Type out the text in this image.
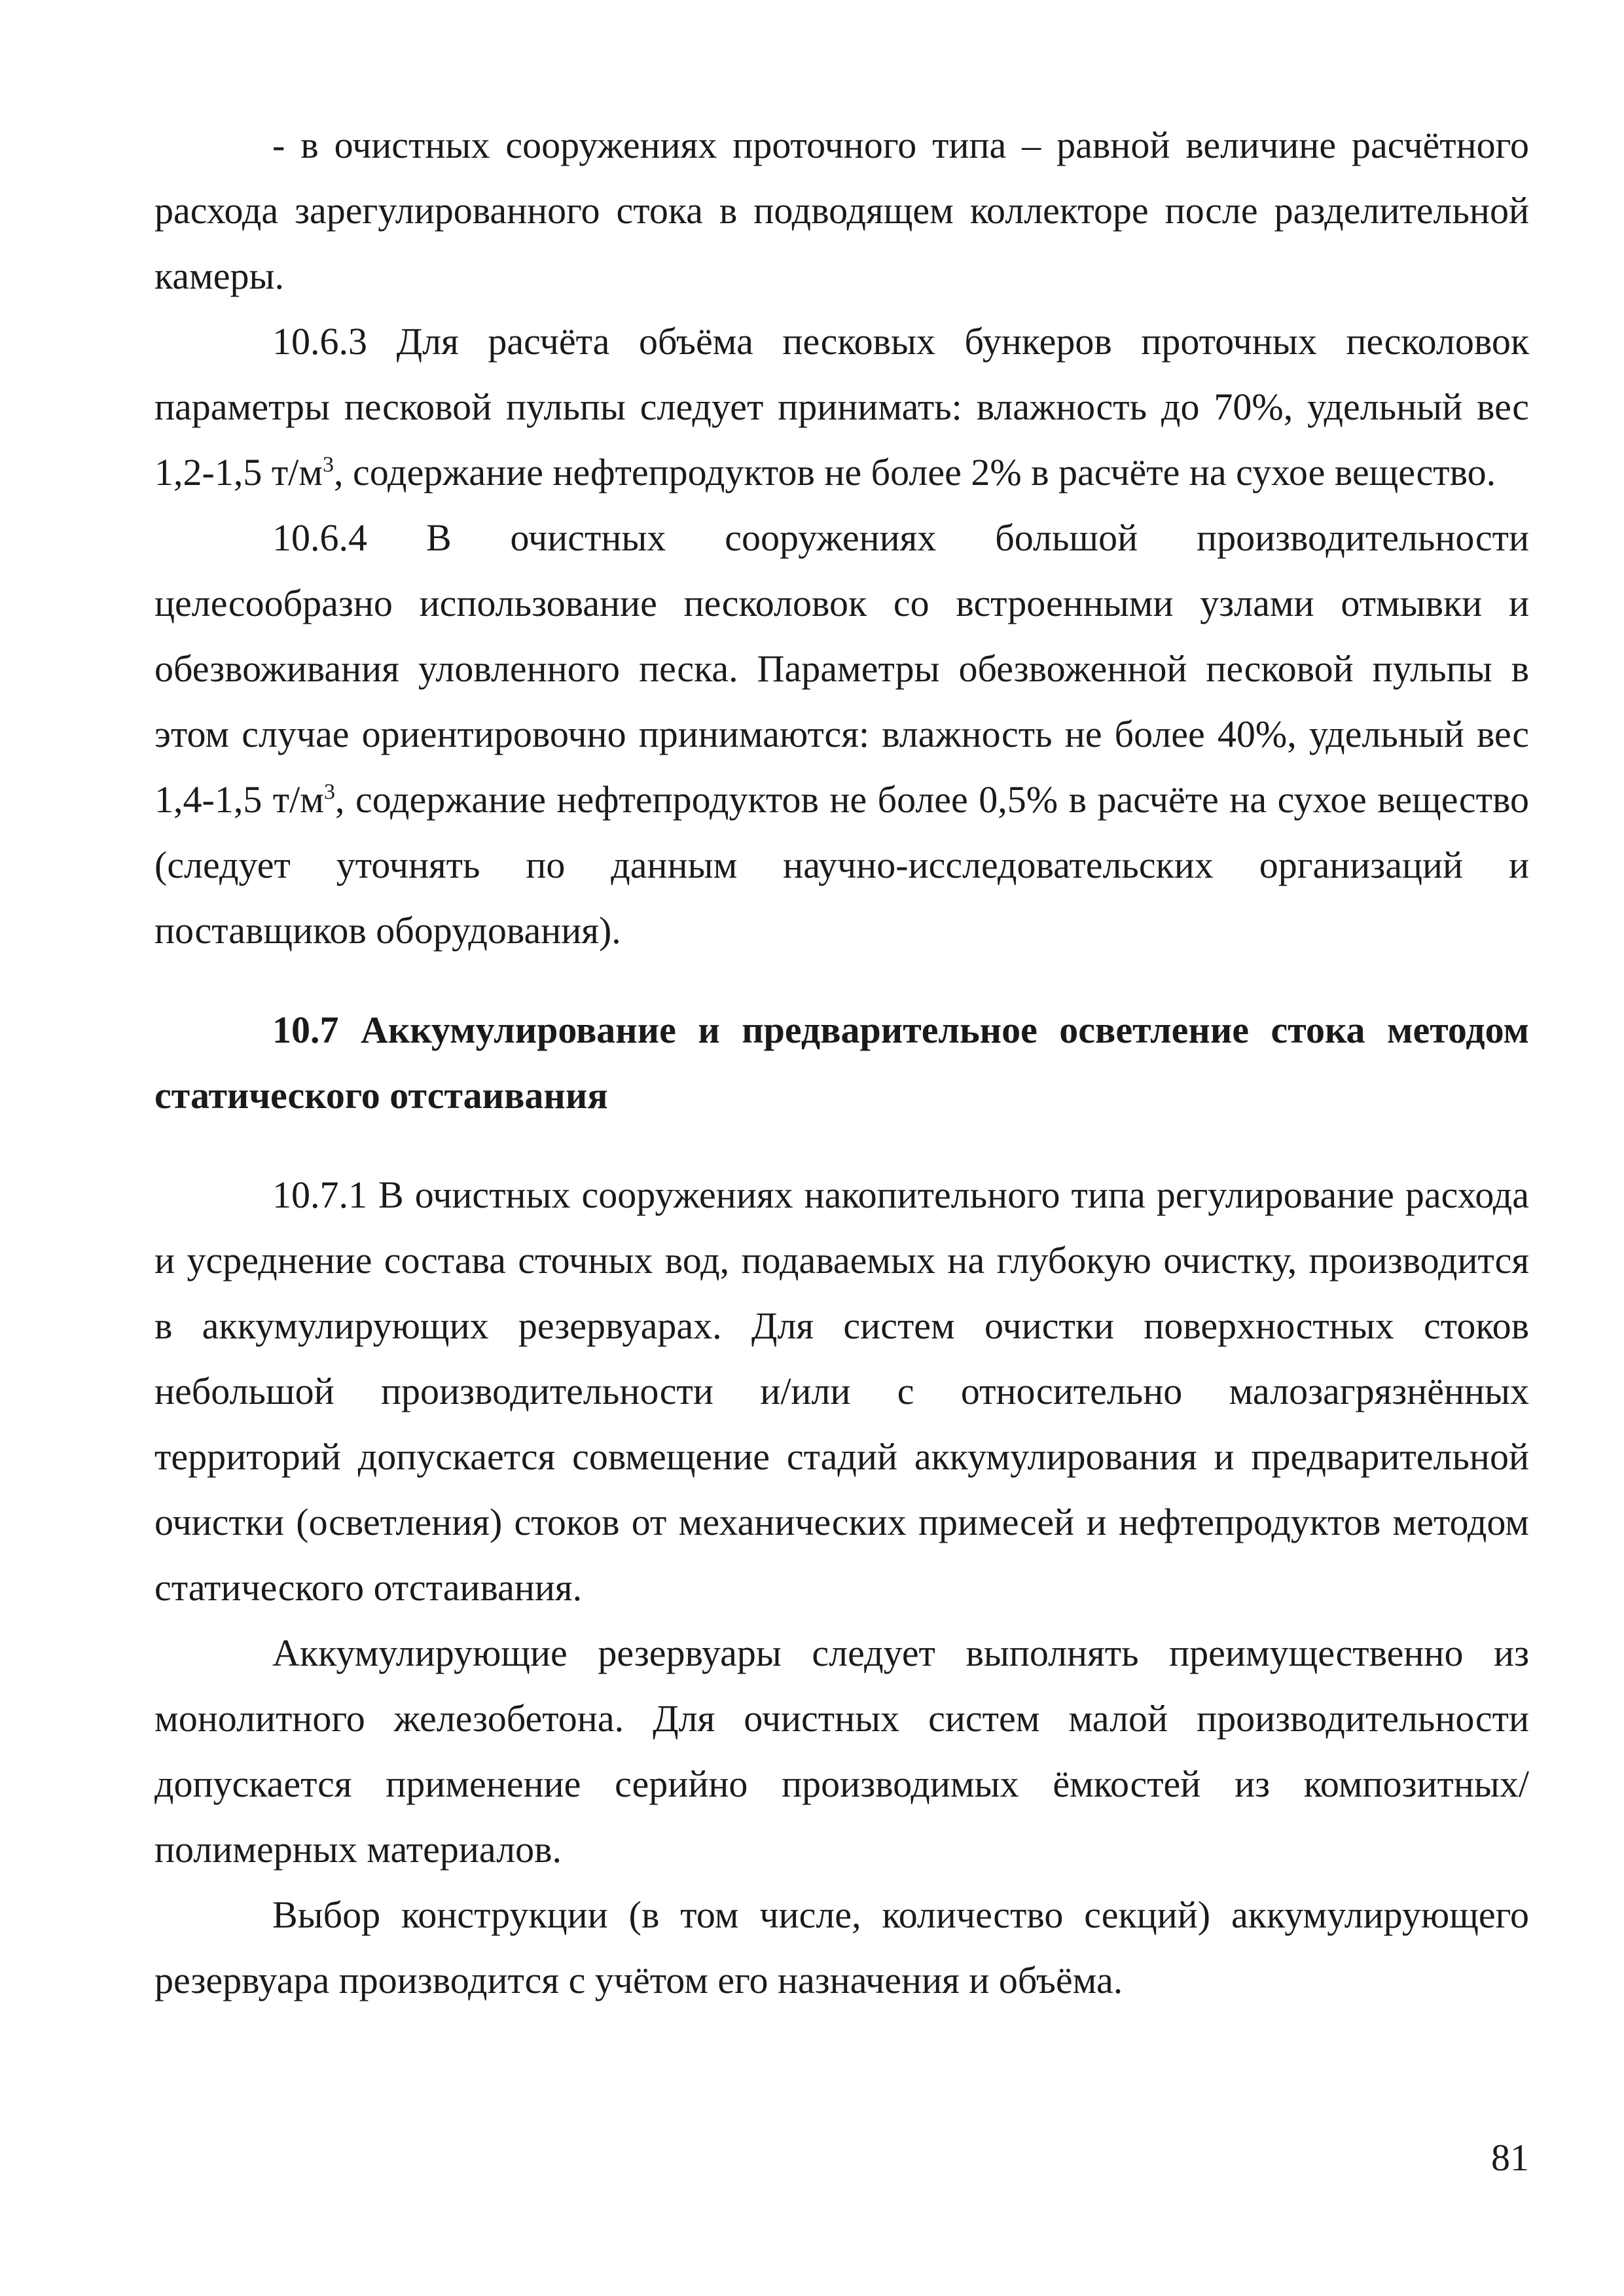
- в очистных сооружениях проточного типа – равной величине расчётного расхода зарегулированного стока в подводящем коллекторе после разделительной камеры.

10.6.3 Для расчёта объёма песковых бункеров проточных песколовок параметры песковой пульпы следует принимать: влажность до 70%, удельный вес 1,2-1,5 $т/м^3$, содержание нефтепродуктов не более 2% в расчёте на сухое вещество.

10.6.4 В очистных сооружениях большой производительности целесообразно использование песколовок со встроенными узлами отмывки и обезвоживания уловленного песка. Параметры обезвоженной песковой пульпы в этом случае ориентировочно принимаются: влажность не более 40%, удельный вес 1,4-1,5 $т/м^3$, содержание нефтепродуктов не более 0,5% в расчёте на сухое вещество (следует уточнять по данным научно-исследовательских организаций и поставщиков оборудования).

10.7 Аккумулирование и предварительное осветление стока методом статического отстаивания

10.7.1 В очистных сооружениях накопительного типа регулирование расхода и усреднение состава сточных вод, подаваемых на глубокую очистку, производится в аккумулирующих резервуарах. Для систем очистки поверхностных стоков небольшой производительности и/или с относительно малозагрязнённых территорий допускается совмещение стадий аккумулирования и предварительной очистки (осветления) стоков от механических примесей и нефтепродуктов методом статического отстаивания.

Аккумулирующие резервуары следует выполнять преимущественно из монолитного железобетона. Для очистных систем малой производительности допускается применение серийно производимых ёмкостей из композитных/полимерных материалов.

Выбор конструкции (в том числе, количество секций) аккумулирующего резервуара производится с учётом его назначения и объёма.

81
